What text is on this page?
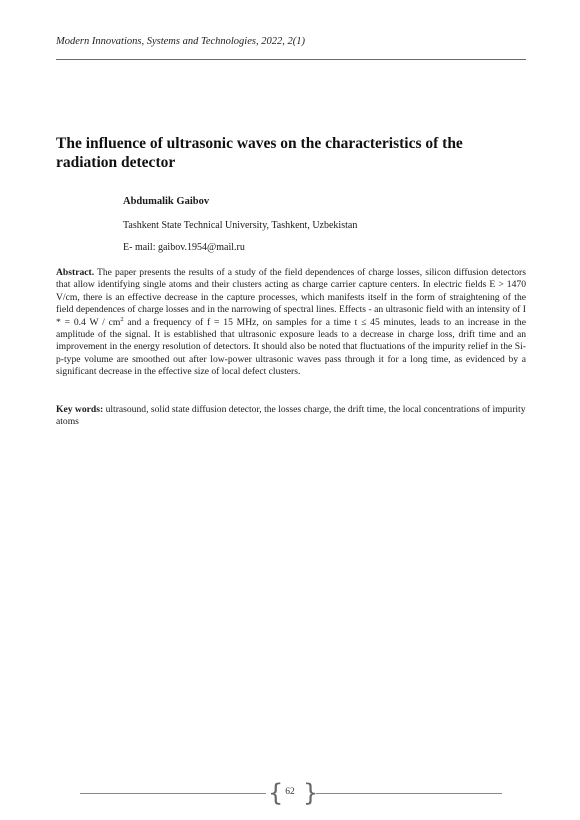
Modern Innovations, Systems and Technologies, 2022, 2(1)
The influence of ultrasonic waves on the characteristics of the radiation detector
Abdumalik Gaibov
Tashkent State Technical University, Tashkent, Uzbekistan
E- mail: gaibov.1954@mail.ru

Abstract. The paper presents the results of a study of the field dependences of charge losses, silicon diffusion detectors that allow identifying single atoms and their clusters acting as charge carrier capture centers. In electric fields E > 1470 V/cm, there is an effective decrease in the capture processes, which manifests itself in the form of straightening of the field dependences of charge losses and in the narrowing of spectral lines. Effects - an ultrasonic field with an intensity of I * = 0.4 W / $cm^2$ and a frequency of f = 15 MHz, on samples for a time t ≤ 45 minutes, leads to an increase in the amplitude of the signal. It is established that ultrasonic exposure leads to a decrease in charge loss, drift time and an improvement in the energy resolution of detectors. It should also be noted that fluctuations of the impurity relief in the Si-p-type volume are smoothed out after low-power ultrasonic waves pass through it for a long time, as evidenced by a significant decrease in the effective size of local defect clusters.

Key words: ultrasound, solid state diffusion detector, the losses charge, the drift time, the local concentrations of impurity atoms

{ 62 }
